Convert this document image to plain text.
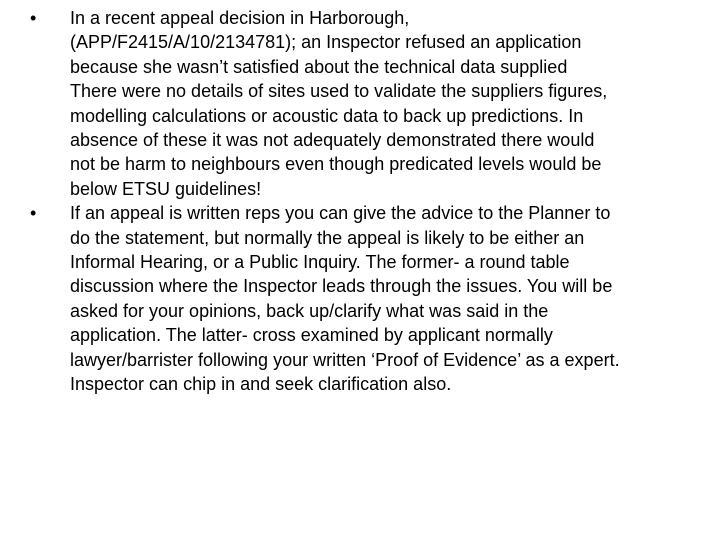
• In a recent appeal decision in Harborough,
(APP/F2415/A/10/2134781); an Inspector refused an application
because she wasn’t satisfied about the technical data supplied
There were no details of sites used to validate the suppliers figures,
modelling calculations or acoustic data to back up predictions. In
absence of these it was not adequately demonstrated there would
not be harm to neighbours even though predicated levels would be
below ETSU guidelines!

• If an appeal is written reps you can give the advice to the Planner to
do the statement, but normally the appeal is likely to be either an
Informal Hearing, or a Public Inquiry. The former- a round table
discussion where the Inspector leads through the issues. You will be
asked for your opinions, back up/clarify what was said in the
application. The latter- cross examined by applicant normally
lawyer/barrister following your written ‘Proof of Evidence’ as a expert.
Inspector can chip in and seek clarification also.
